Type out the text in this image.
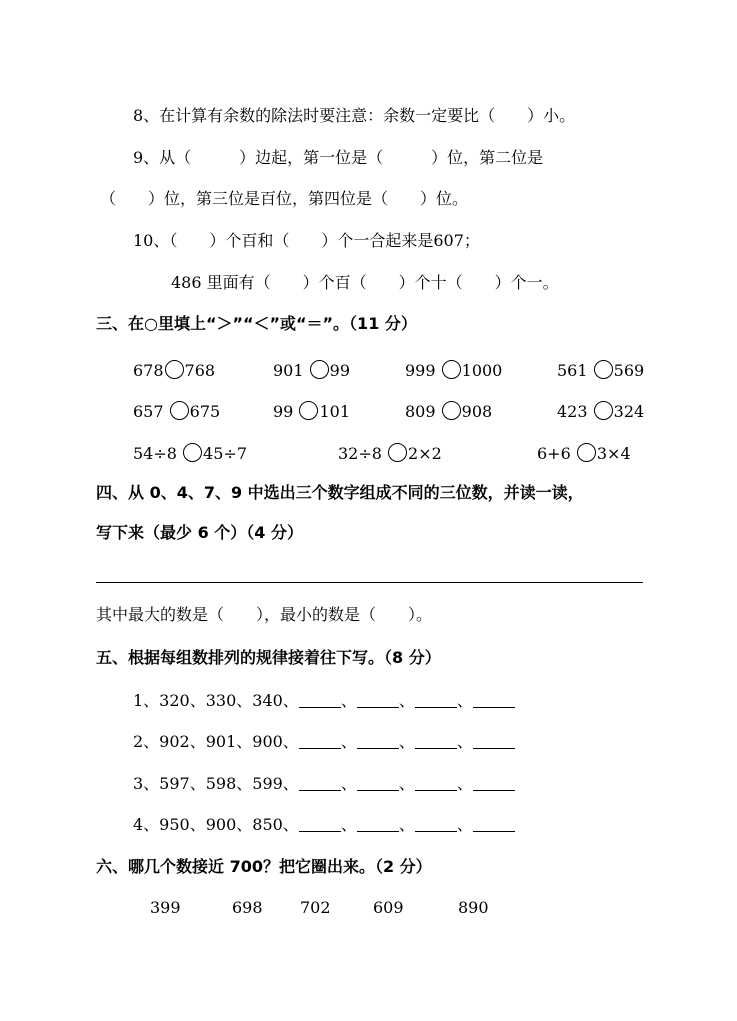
8、在计算有余数的除法时要注意：余数一定要比（　　）小。
9、从（　　　）边起，第一位是（　　　）位，第二位是
（　　）位，第三位是百位，第四位是（　　）位。
10、（　　）个百和（　　）个一合起来是607；
486 里面有（　　）个百（　　）个十（　　）个一。
三、在○里填上“＞”“＜”或“＝”。（11 分）
678 768	901 99	999 1000	561 569
657 675	99 101	809 908	423 324
54÷8 45÷7	32÷8 2×2	6+6 3×4
四、从 0、4、7、9 中选出三个数字组成不同的三位数，并读一读，
写下来（最少 6 个）（4 分）
其中最大的数是（　　），最小的数是（　　）。
五、根据每组数排列的规律接着往下写。（8 分）
1、320、330、340、	、	、	、
2、902、901、900、	、	、	、
3、597、598、599、	、	、	、
4、950、900、850、	、	、	、
六、哪几个数接近 700？把它圈出来。（2 分）
399	698 702	609	890
